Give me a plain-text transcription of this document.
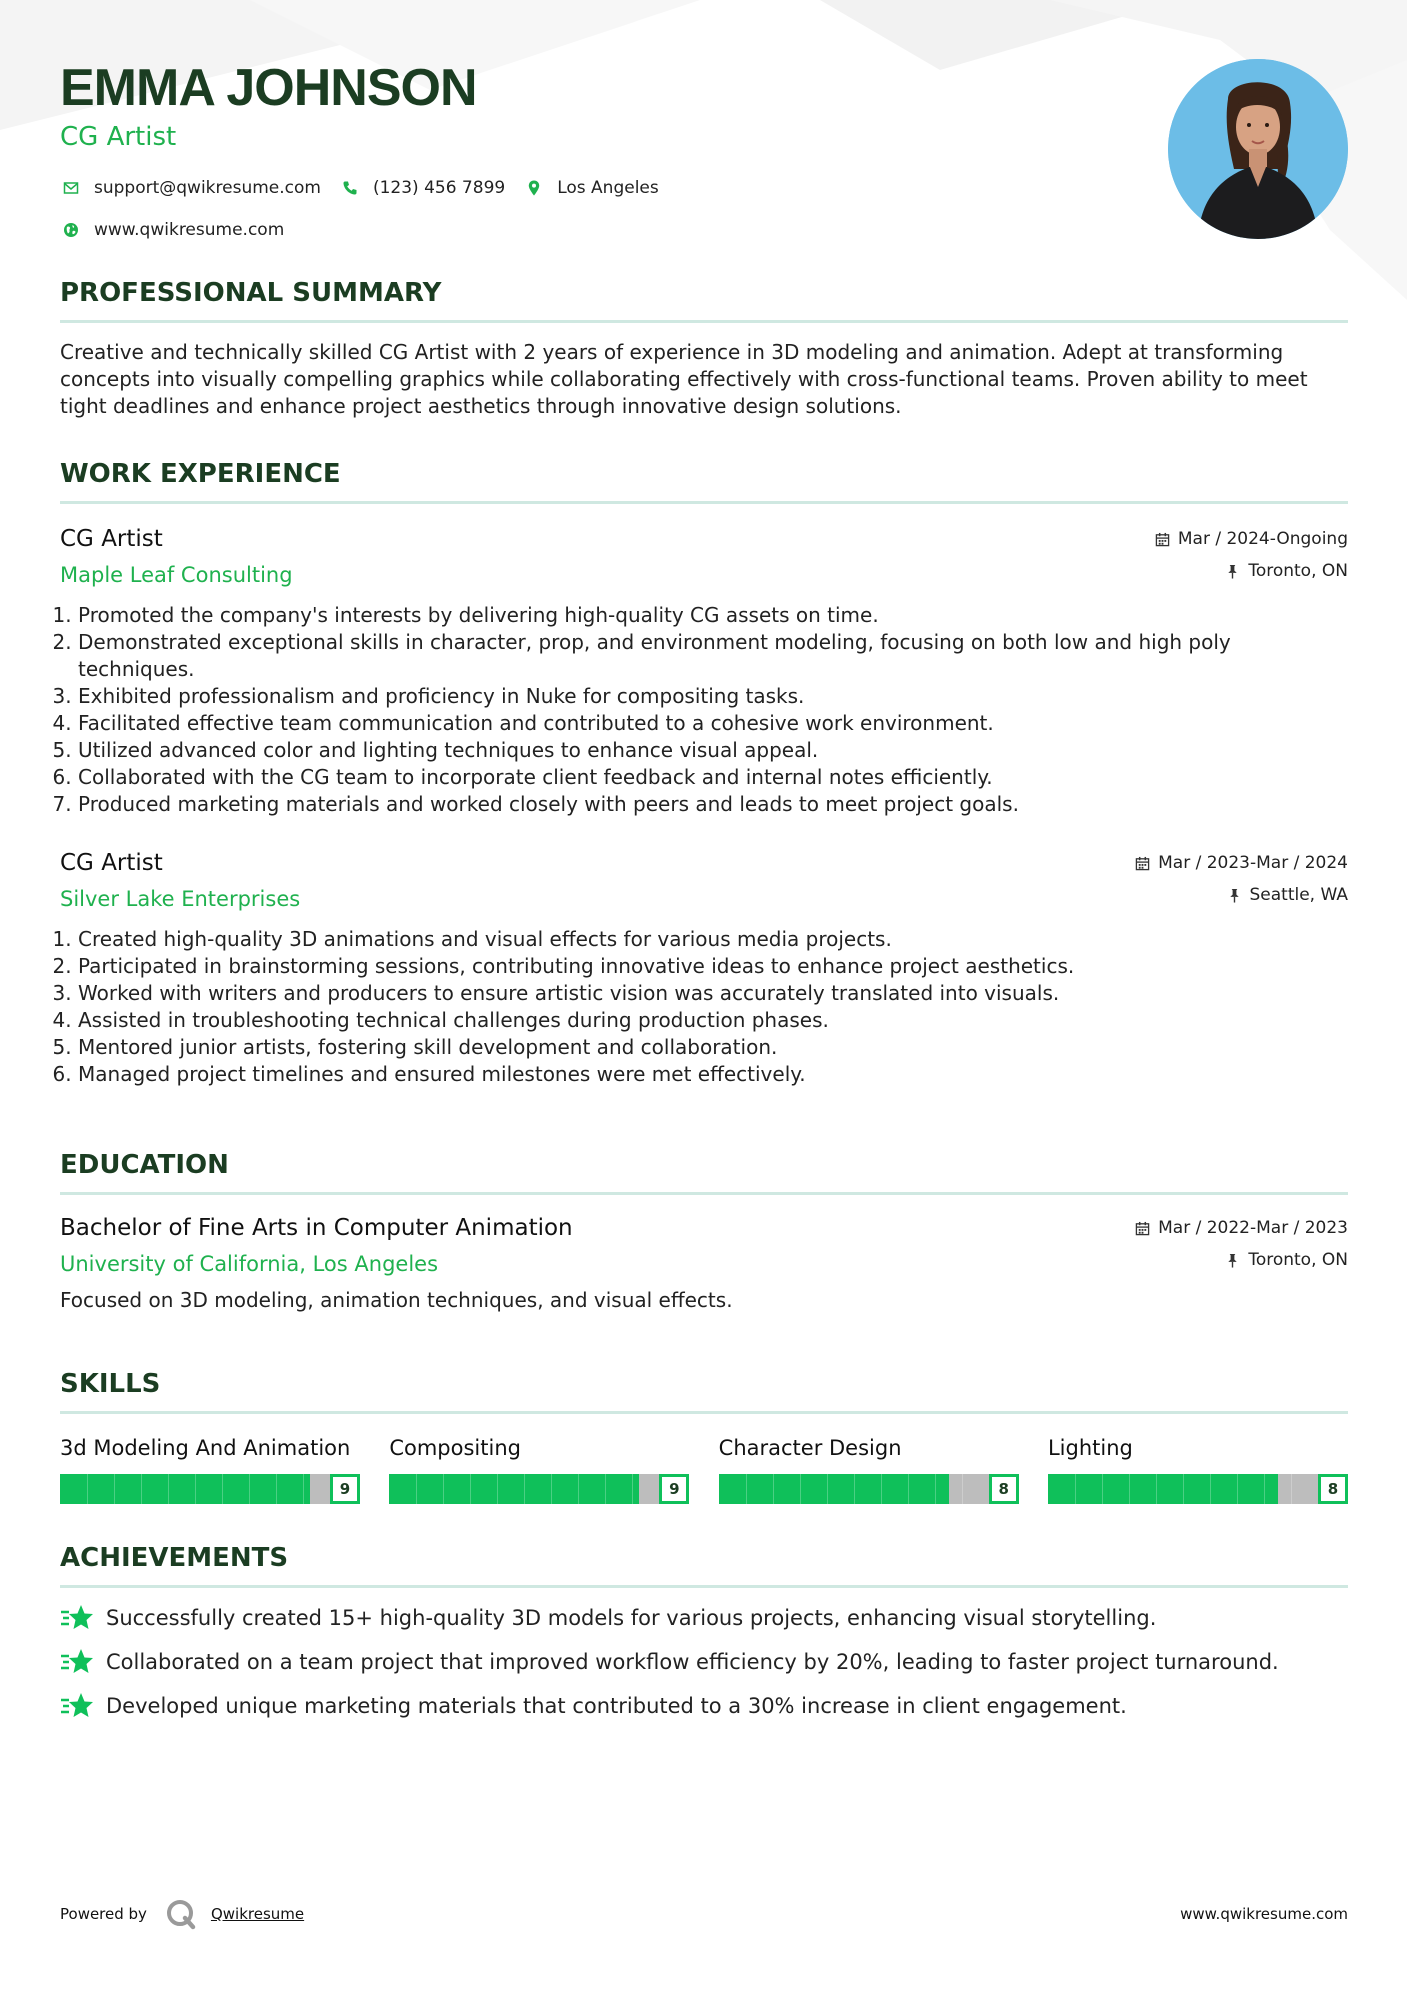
EMMA JOHNSON
CG Artist
support@qwikresume.com	(123) 456 7899	Los Angeles
www.qwikresume.com
PROFESSIONAL SUMMARY
Creative and technically skilled CG Artist with 2 years of experience in 3D modeling and animation. Adept at transforming concepts into visually compelling graphics while collaborating effectively with cross-functional teams. Proven ability to meet tight deadlines and enhance project aesthetics through innovative design solutions.
WORK EXPERIENCE
CG Artist
Maple Leaf Consulting
Mar / 2024-Ongoing
Toronto, ON
1. Promoted the company's interests by delivering high-quality CG assets on time.
2. Demonstrated exceptional skills in character, prop, and environment modeling, focusing on both low and high poly techniques.
3. Exhibited professionalism and proficiency in Nuke for compositing tasks.
4. Facilitated effective team communication and contributed to a cohesive work environment.
5. Utilized advanced color and lighting techniques to enhance visual appeal.
6. Collaborated with the CG team to incorporate client feedback and internal notes efficiently.
7. Produced marketing materials and worked closely with peers and leads to meet project goals.
CG Artist
Silver Lake Enterprises
Mar / 2023-Mar / 2024
Seattle, WA
1. Created high-quality 3D animations and visual effects for various media projects.
2. Participated in brainstorming sessions, contributing innovative ideas to enhance project aesthetics.
3. Worked with writers and producers to ensure artistic vision was accurately translated into visuals.
4. Assisted in troubleshooting technical challenges during production phases.
5. Mentored junior artists, fostering skill development and collaboration.
6. Managed project timelines and ensured milestones were met effectively.
EDUCATION
Bachelor of Fine Arts in Computer Animation
University of California, Los Angeles
Mar / 2022-Mar / 2023
Toronto, ON
Focused on 3D modeling, animation techniques, and visual effects.
SKILLS
3d Modeling And Animation
9
Compositing
9
Character Design
8
Lighting
8
ACHIEVEMENTS
Successfully created 15+ high-quality 3D models for various projects, enhancing visual storytelling.
Collaborated on a team project that improved workflow efficiency by 20%, leading to faster project turnaround.
Developed unique marketing materials that contributed to a 30% increase in client engagement.
Powered by	Qwikresume	www.qwikresume.com
